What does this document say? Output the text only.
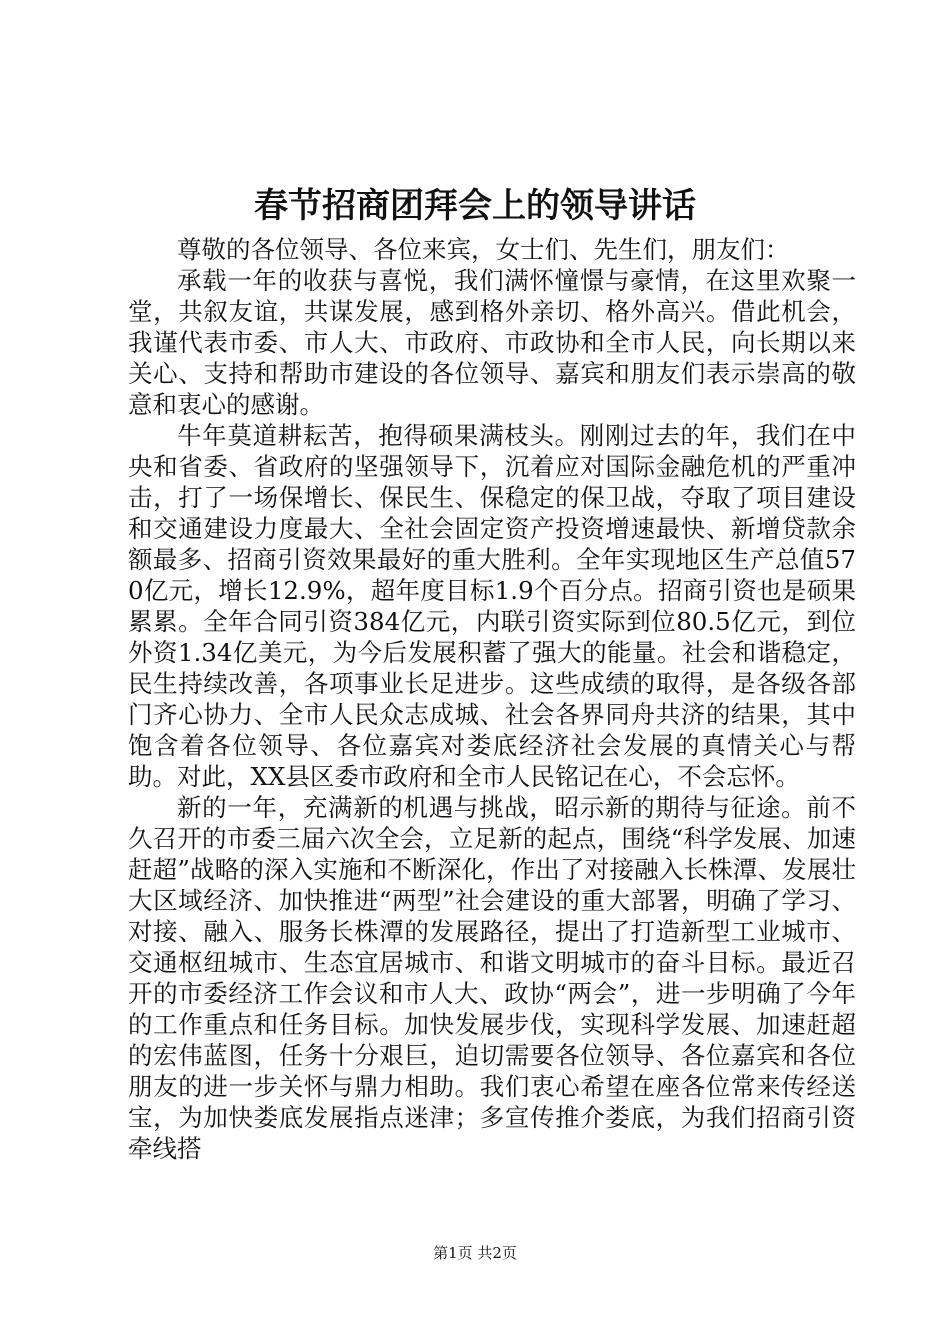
春节招商团拜会上的领导讲话

尊敬的各位领导、各位来宾，女士们、先生们，朋友们：

承载一年的收获与喜悦，我们满怀憧憬与豪情，在这里欢聚一堂，共叙友谊，共谋发展，感到格外亲切、格外高兴。借此机会，我谨代表市委、市人大、市政府、市政协和全市人民，向长期以来关心、支持和帮助市建设的各位领导、嘉宾和朋友们表示崇高的敬意和衷心的感谢。

牛年莫道耕耘苦，抱得硕果满枝头。刚刚过去的年，我们在中央和省委、省政府的坚强领导下，沉着应对国际金融危机的严重冲击，打了一场保增长、保民生、保稳定的保卫战，夺取了项目建设和交通建设力度最大、全社会固定资产投资增速最快、新增贷款余额最多、招商引资效果最好的重大胜利。全年实现地区生产总值570亿元，增长12.9%，超年度目标1.9个百分点。招商引资也是硕果累累。全年合同引资384亿元，内联引资实际到位80.5亿元，到位外资1.34亿美元，为今后发展积蓄了强大的能量。社会和谐稳定，民生持续改善，各项事业长足进步。这些成绩的取得，是各级各部门齐心协力、全市人民众志成城、社会各界同舟共济的结果，其中饱含着各位领导、各位嘉宾对娄底经济社会发展的真情关心与帮助。对此，XX县区委市政府和全市人民铭记在心，不会忘怀。

新的一年，充满新的机遇与挑战，昭示新的期待与征途。前不久召开的市委三届六次全会，立足新的起点，围绕“科学发展、加速赶超”战略的深入实施和不断深化，作出了对接融入长株潭、发展壮大区域经济、加快推进“两型”社会建设的重大部署，明确了学习、对接、融入、服务长株潭的发展路径，提出了打造新型工业城市、交通枢纽城市、生态宜居城市、和谐文明城市的奋斗目标。最近召开的市委经济工作会议和市人大、政协“两会”，进一步明确了今年的工作重点和任务目标。加快发展步伐，实现科学发展、加速赶超的宏伟蓝图，任务十分艰巨，迫切需要各位领导、各位嘉宾和各位朋友的进一步关怀与鼎力相助。我们衷心希望在座各位常来传经送宝，为加快娄底发展指点迷津；多宣传推介娄底，为我们招商引资牵线搭

第1页 共2页
